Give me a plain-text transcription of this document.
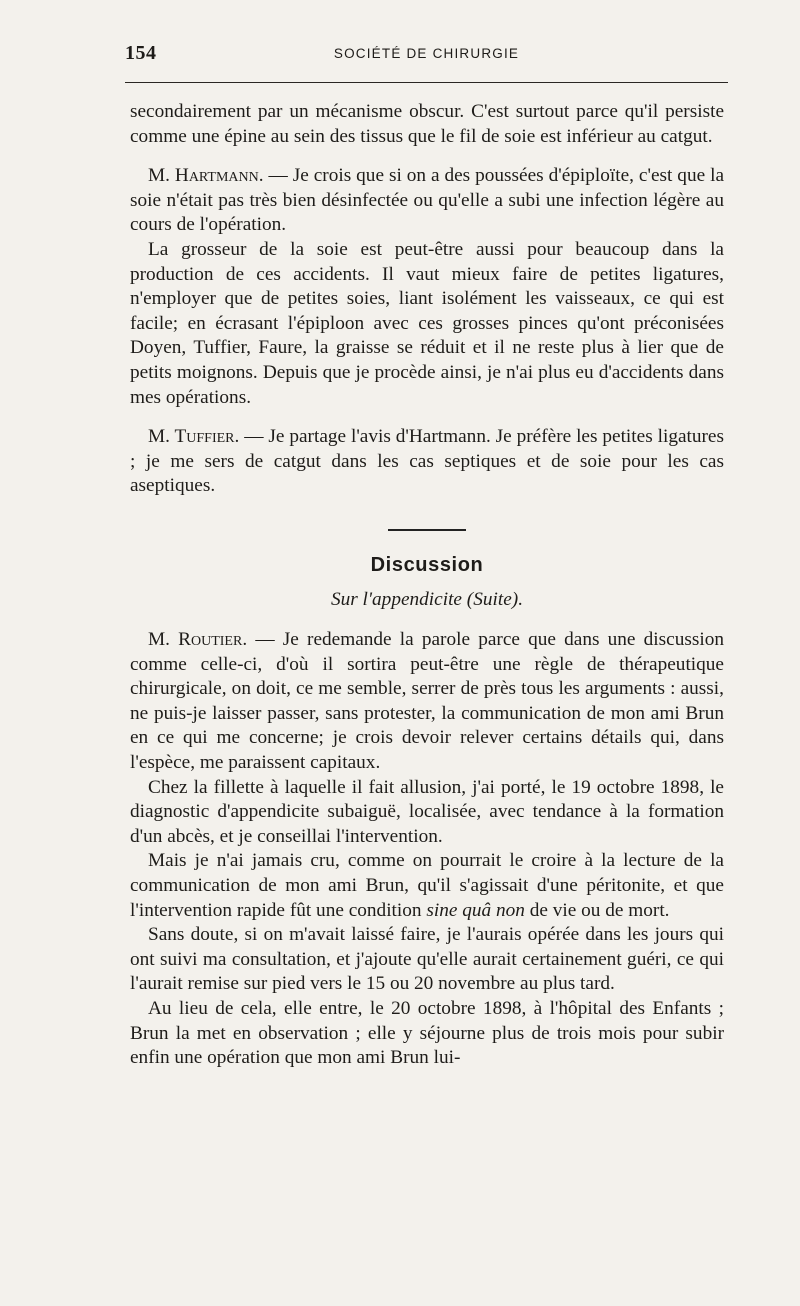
154	SOCIÉTÉ DE CHIRURGIE

secondairement par un mécanisme obscur. C'est surtout parce qu'il persiste comme une épine au sein des tissus que le fil de soie est inférieur au catgut.

M. Hartmann. — Je crois que si on a des poussées d'épiploïte, c'est que la soie n'était pas très bien désinfectée ou qu'elle a subi une infection légère au cours de l'opération.

La grosseur de la soie est peut-être aussi pour beaucoup dans la production de ces accidents. Il vaut mieux faire de petites ligatures, n'employer que de petites soies, liant isolément les vaisseaux, ce qui est facile; en écrasant l'épiploon avec ces grosses pinces qu'ont préconisées Doyen, Tuffier, Faure, la graisse se réduit et il ne reste plus à lier que de petits moignons. Depuis que je procède ainsi, je n'ai plus eu d'accidents dans mes opérations.

M. Tuffier. — Je partage l'avis d'Hartmann. Je préfère les petites ligatures ; je me sers de catgut dans les cas septiques et de soie pour les cas aseptiques.

Discussion
Sur l'appendicite (Suite).

M. Routier. — Je redemande la parole parce que dans une discussion comme celle-ci, d'où il sortira peut-être une règle de thérapeutique chirurgicale, on doit, ce me semble, serrer de près tous les arguments : aussi, ne puis-je laisser passer, sans protester, la communication de mon ami Brun en ce qui me concerne; je crois devoir relever certains détails qui, dans l'espèce, me paraissent capitaux.

Chez la fillette à laquelle il fait allusion, j'ai porté, le 19 octobre 1898, le diagnostic d'appendicite subaiguë, localisée, avec tendance à la formation d'un abcès, et je conseillai l'intervention.

Mais je n'ai jamais cru, comme on pourrait le croire à la lecture de la communication de mon ami Brun, qu'il s'agissait d'une péritonite, et que l'intervention rapide fût une condition sine quâ non de vie ou de mort.

Sans doute, si on m'avait laissé faire, je l'aurais opérée dans les jours qui ont suivi ma consultation, et j'ajoute qu'elle aurait certainement guéri, ce qui l'aurait remise sur pied vers le 15 ou 20 novembre au plus tard.

Au lieu de cela, elle entre, le 20 octobre 1898, à l'hôpital des Enfants ; Brun la met en observation ; elle y séjourne plus de trois mois pour subir enfin une opération que mon ami Brun lui-
